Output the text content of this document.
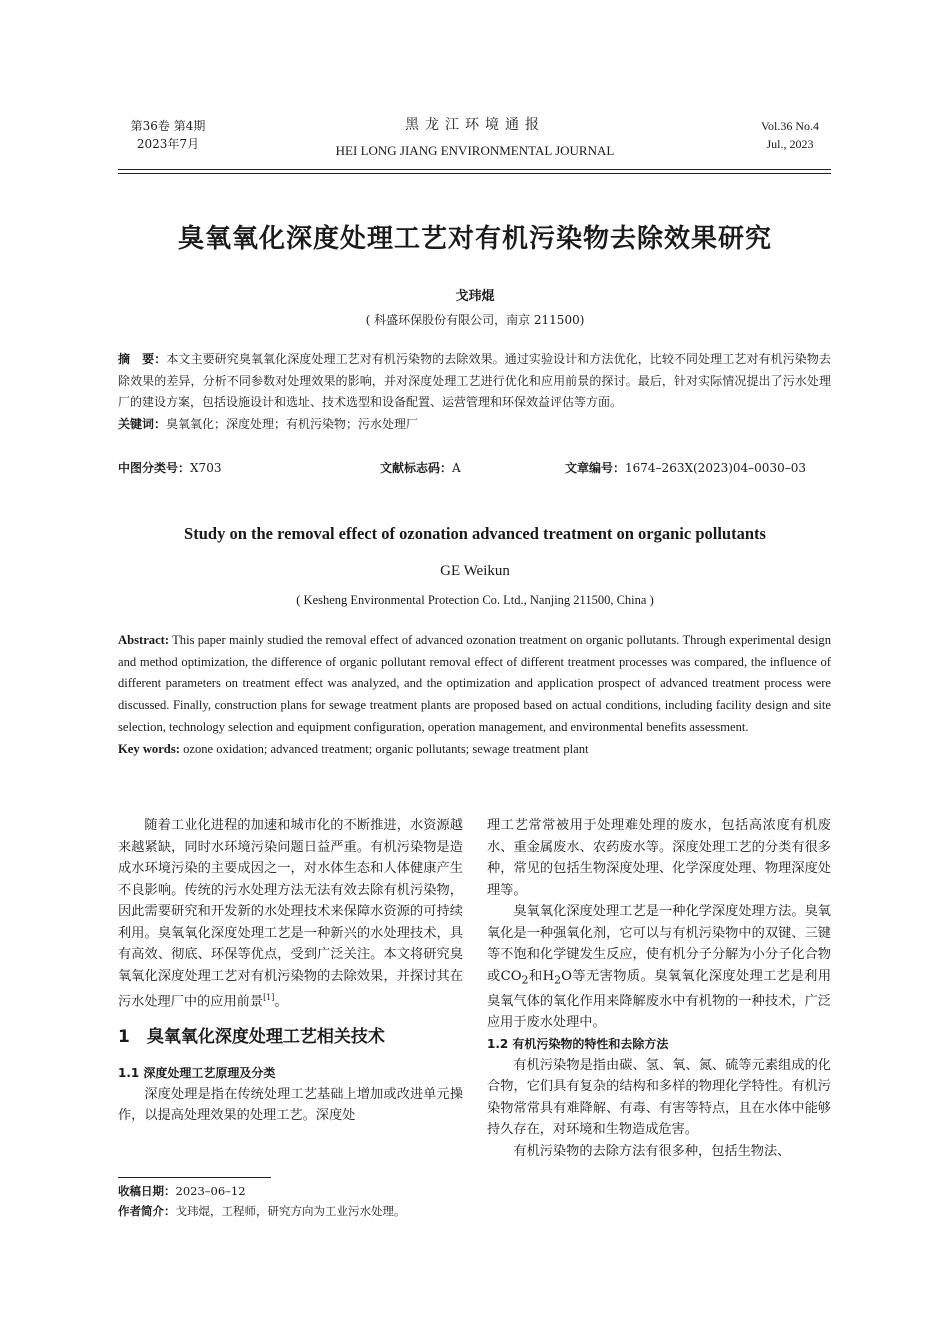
第36卷 第4期
2023年7月
黑龙江环境通报
HEI LONG JIANG ENVIRONMENTAL JOURNAL
Vol.36 No.4
Jul., 2023
臭氧氧化深度处理工艺对有机污染物去除效果研究
戈玮焜
( 科盛环保股份有限公司，南京 211500)
摘　要：本文主要研究臭氧氧化深度处理工艺对有机污染物的去除效果。通过实验设计和方法优化，比较不同处理工艺对有机污染物去除效果的差异，分析不同参数对处理效果的影响，并对深度处理工艺进行优化和应用前景的探讨。最后，针对实际情况提出了污水处理厂的建设方案，包括设施设计和选址、技术选型和设备配置、运营管理和环保效益评估等方面。
关键词：臭氧氧化；深度处理；有机污染物；污水处理厂
中图分类号：X703	文献标志码：A	文章编号：1674–263X(2023)04–0030–03
Study on the removal effect of ozonation advanced treatment on organic pollutants
GE Weikun
( Kesheng Environmental Protection Co. Ltd., Nanjing 211500, China )
Abstract: This paper mainly studied the removal effect of advanced ozonation treatment on organic pollutants. Through experimental design and method optimization, the difference of organic pollutant removal effect of different treatment processes was compared, the influence of different parameters on treatment effect was analyzed, and the optimization and application prospect of advanced treatment process were discussed. Finally, construction plans for sewage treatment plants are proposed based on actual conditions, including facility design and site selection, technology selection and equipment configuration, operation management, and environmental benefits assessment.
Key words: ozone oxidation; advanced treatment; organic pollutants; sewage treatment plant

随着工业化进程的加速和城市化的不断推进，水资源越来越紧缺，同时水环境污染问题日益严重。有机污染物是造成水环境污染的主要成因之一，对水体生态和人体健康产生不良影响。传统的污水处理方法无法有效去除有机污染物，因此需要研究和开发新的水处理技术来保障水资源的可持续利用。臭氧氧化深度处理工艺是一种新兴的水处理技术，具有高效、彻底、环保等优点，受到广泛关注。本文将研究臭氧氧化深度处理工艺对有机污染物的去除效果，并探讨其在污水处理厂中的应用前景[1]。

1　臭氧氧化深度处理工艺相关技术
1.1 深度处理工艺原理及分类

深度处理是指在传统处理工艺基础上增加或改进单元操作，以提高处理效果的处理工艺。深度处

理工艺常常被用于处理难处理的废水，包括高浓度有机废水、重金属废水、农药废水等。深度处理工艺的分类有很多种，常见的包括生物深度处理、化学深度处理、物理深度处理等。

臭氧氧化深度处理工艺是一种化学深度处理方法。臭氧氧化是一种强氧化剂，它可以与有机污染物中的双键、三键等不饱和化学键发生反应，使有机分子分解为小分子化合物或$CO_2$和$H_2O$等无害物质。臭氧氧化深度处理工艺是利用臭氧气体的氧化作用来降解废水中有机物的一种技术，广泛应用于废水处理中。

1.2 有机污染物的特性和去除方法

有机污染物是指由碳、氢、氧、氮、硫等元素组成的化合物，它们具有复杂的结构和多样的物理化学特性。有机污染物常常具有难降解、有毒、有害等特点，且在水体中能够持久存在，对环境和生物造成危害。

有机污染物的去除方法有很多种，包括生物法、

收稿日期：2023–06–12
作者简介：戈玮焜，工程师，研究方向为工业污水处理。
